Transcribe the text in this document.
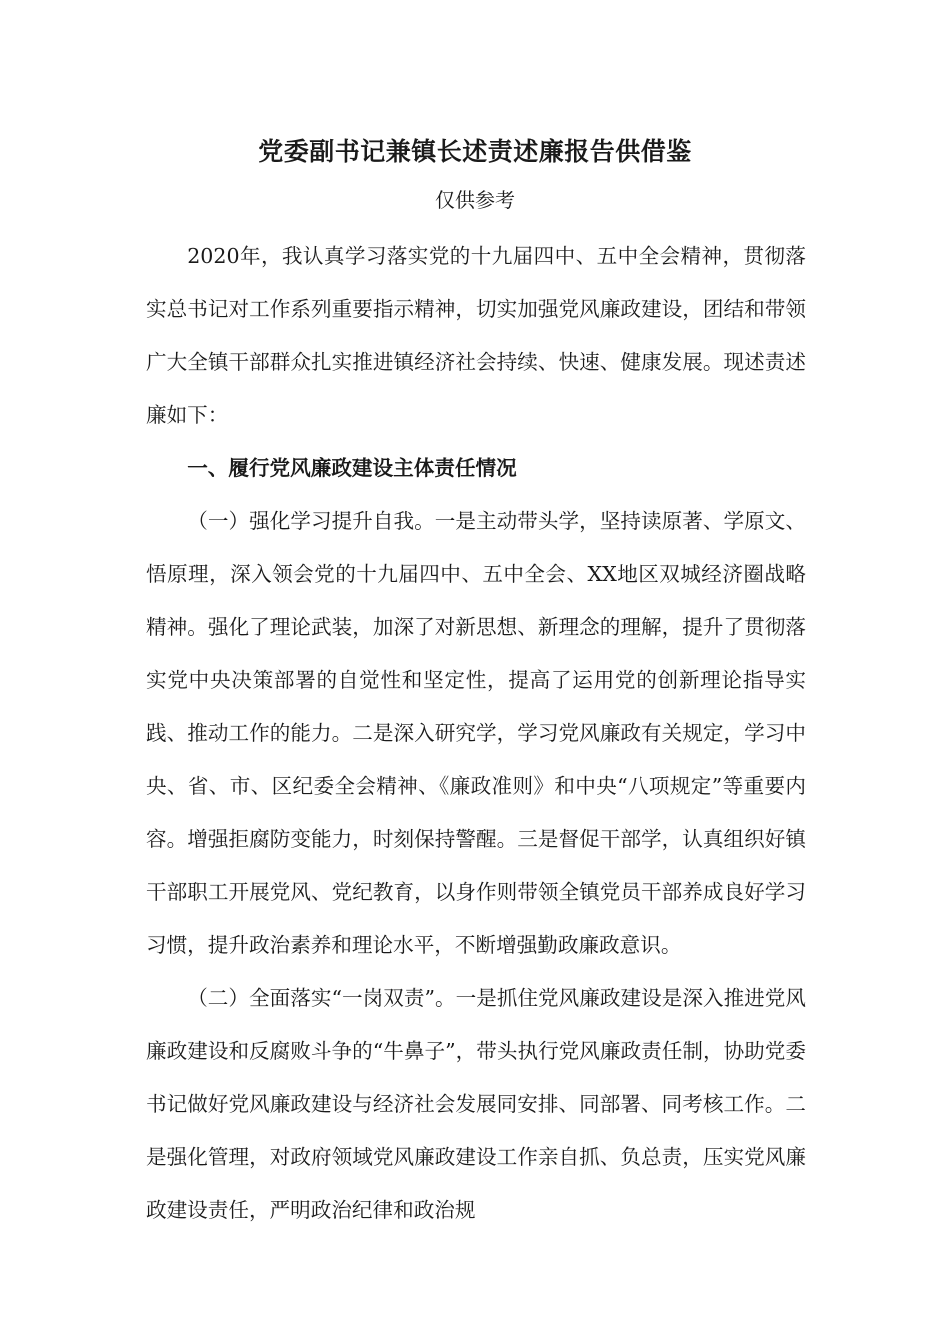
党委副书记兼镇长述责述廉报告供借鉴
仅供参考

2020年，我认真学习落实党的十九届四中、五中全会精神，贯彻落实总书记对工作系列重要指示精神，切实加强党风廉政建设，团结和带领广大全镇干部群众扎实推进镇经济社会持续、快速、健康发展。现述责述廉如下：

一、履行党风廉政建设主体责任情况

（一）强化学习提升自我。一是主动带头学，坚持读原著、学原文、悟原理，深入领会党的十九届四中、五中全会、XX地区双城经济圈战略精神。强化了理论武装，加深了对新思想、新理念的理解，提升了贯彻落实党中央决策部署的自觉性和坚定性，提高了运用党的创新理论指导实践、推动工作的能力。二是深入研究学，学习党风廉政有关规定，学习中央、省、市、区纪委全会精神、《廉政准则》和中央“八项规定”等重要内容。增强拒腐防变能力，时刻保持警醒。三是督促干部学，认真组织好镇干部职工开展党风、党纪教育，以身作则带领全镇党员干部养成良好学习习惯，提升政治素养和理论水平，不断增强勤政廉政意识。

（二）全面落实“一岗双责”。一是抓住党风廉政建设是深入推进党风廉政建设和反腐败斗争的“牛鼻子”，带头执行党风廉政责任制，协助党委书记做好党风廉政建设与经济社会发展同安排、同部署、同考核工作。二是强化管理，对政府领域党风廉政建设工作亲自抓、负总责，压实党风廉政建设责任，严明政治纪律和政治规
